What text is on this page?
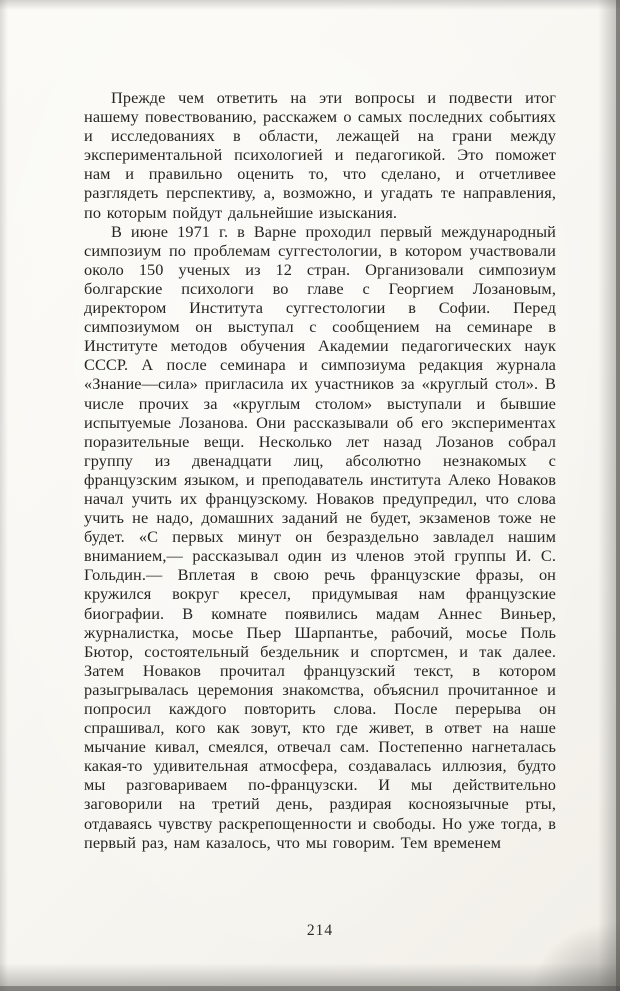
Прежде чем ответить на эти вопросы и подвести итог нашему повествованию, расскажем о самых последних событиях и исследованиях в области, лежащей на грани между экспериментальной психологией и педагогикой. Это поможет нам и правильно оценить то, что сделано, и отчетливее разглядеть перспективу, а, возможно, и угадать те направления, по которым пойдут дальнейшие изыскания.

В июне 1971 г. в Варне проходил первый международный симпозиум по проблемам суггестологии, в котором участвовали около 150 ученых из 12 стран. Организовали симпозиум болгарские психологи во главе с Георгием Лозановым, директором Института суггестологии в Софии. Перед симпозиумом он выступал с сообщением на семинаре в Институте методов обучения Академии педагогических наук СССР. А после семинара и симпозиума редакция журнала «Знание—сила» пригласила их участников за «круглый стол». В числе прочих за «круглым столом» выступали и бывшие испытуемые Лозанова. Они рассказывали об его экспериментах поразительные вещи. Несколько лет назад Лозанов собрал группу из двенадцати лиц, абсолютно незнакомых с французским языком, и преподаватель института Алеко Новаков начал учить их французскому. Новаков предупредил, что слова учить не надо, домашних заданий не будет, экзаменов тоже не будет. «С первых минут он безраздельно завладел нашим вниманием,— рассказывал один из членов этой группы И. С. Гольдин.— Вплетая в свою речь французские фразы, он кружился вокруг кресел, придумывая нам французские биографии. В комнате появились мадам Аннес Виньер, журналистка, мосье Пьер Шарпантье, рабочий, мосье Поль Бютор, состоятельный бездельник и спортсмен, и так далее. Затем Новаков прочитал французский текст, в котором разыгрывалась церемония знакомства, объяснил прочитанное и попросил каждого повторить слова. После перерыва он спрашивал, кого как зовут, кто где живет, в ответ на наше мычание кивал, смеялся, отвечал сам. Постепенно нагнеталась какая-то удивительная атмосфера, создавалась иллюзия, будто мы разговариваем по-французски. И мы действительно заговорили на третий день, раздирая косноязычные рты, отдаваясь чувству раскрепощенности и свободы. Но уже тогда, в первый раз, нам казалось, что мы говорим. Тем временем

214
